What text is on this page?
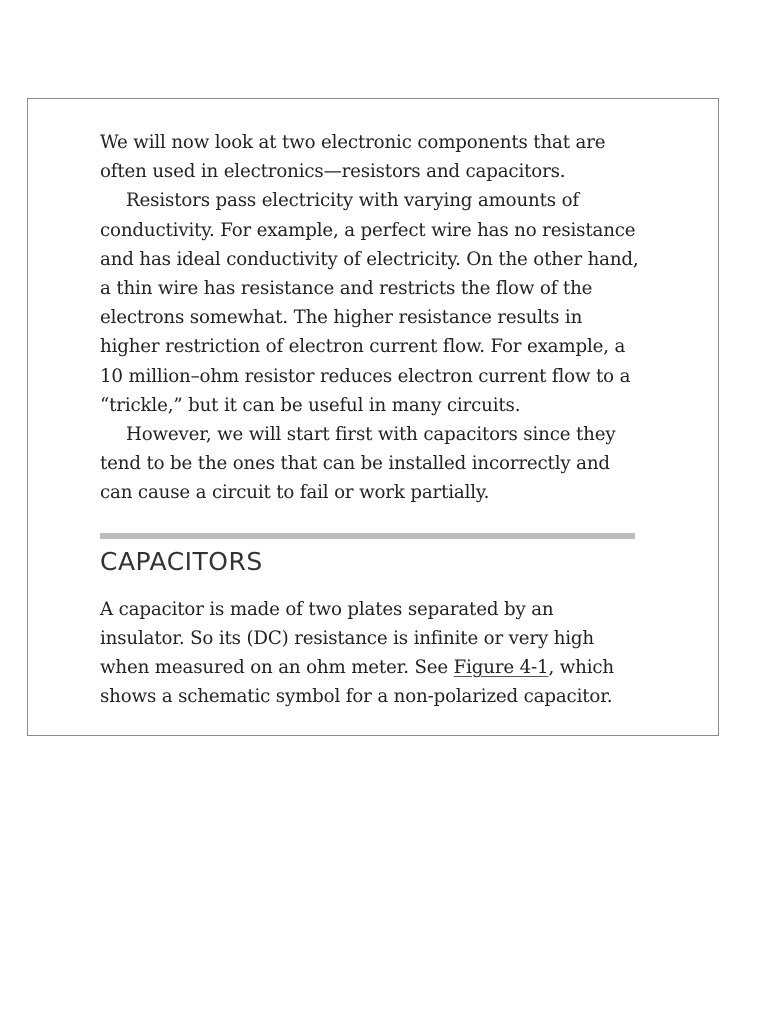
We will now look at two electronic components that are often used in electronics—resistors and capacitors.

Resistors pass electricity with varying amounts of conductivity. For example, a perfect wire has no resistance and has ideal conductivity of electricity. On the other hand, a thin wire has resistance and restricts the flow of the electrons somewhat. The higher resistance results in higher restriction of electron current flow. For example, a 10 million–ohm resistor reduces electron current flow to a “trickle,” but it can be useful in many circuits.

However, we will start first with capacitors since they tend to be the ones that can be installed incorrectly and can cause a circuit to fail or work partially.

CAPACITORS

A capacitor is made of two plates separated by an insulator. So its (DC) resistance is infinite or very high when measured on an ohm meter. See Figure 4-1, which shows a schematic symbol for a non-polarized capacitor.
